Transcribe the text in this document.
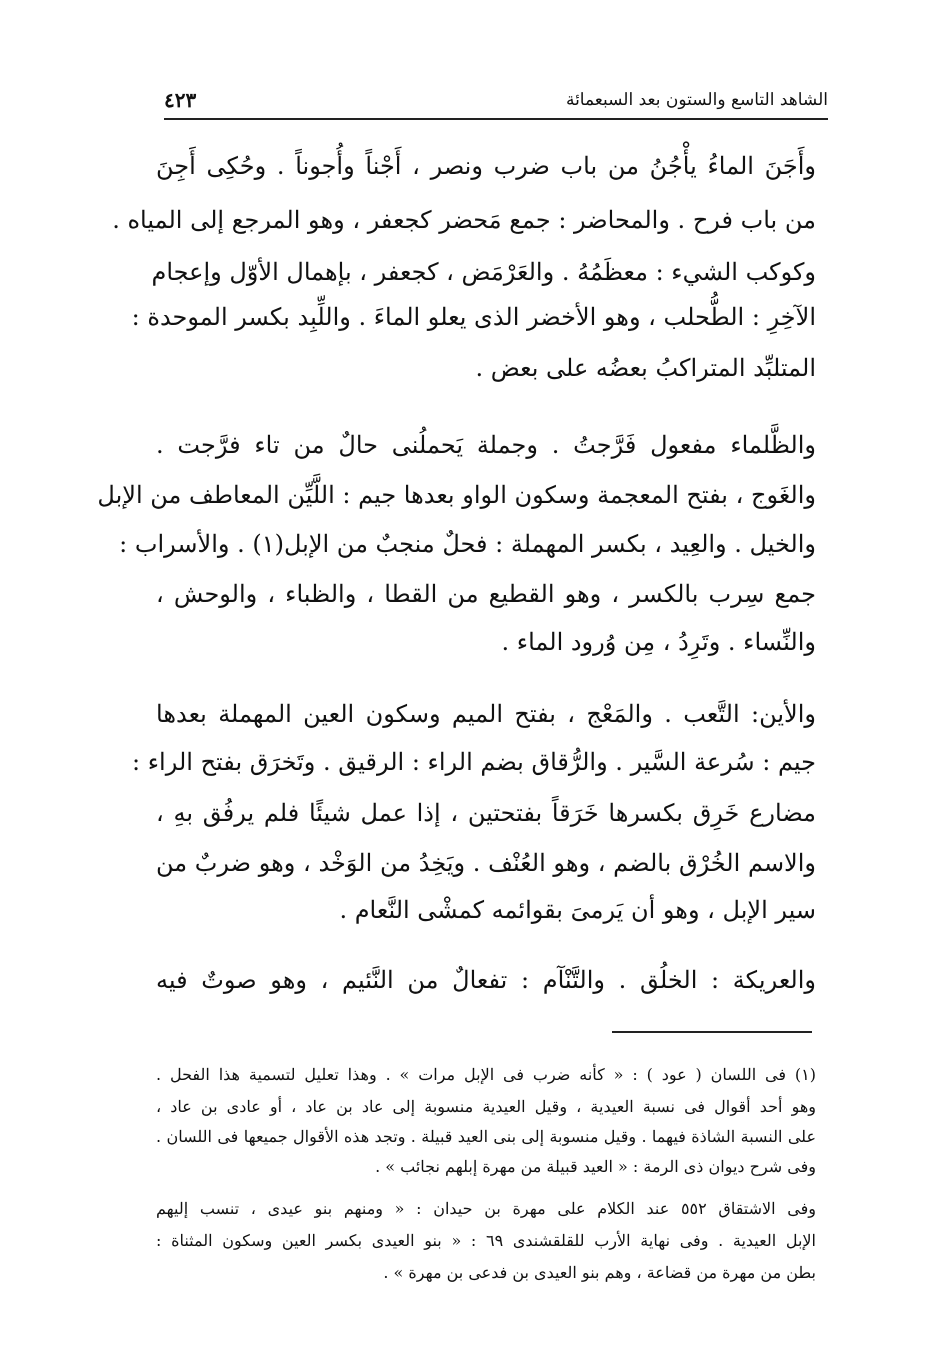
الشاهد التاسع والستون بعد السبعمائة
٤٢٣
وأَجَنَ الماءُ يأْجُنُ من باب ضرب ونصر ، أَجْناً وأُجوناً . وحُكِى أَجِنَ
من باب فرح . والمحاضر : جمع مَحضر كجعفر ، وهو المرجع إلى المياه .
وكوكب الشيء : معظَمُهُ . والعَرْمَض ، كجعفر ، بإهمال الأوّل وإعجام
الآخِرِ : الطُّحلب ، وهو الأخضر الذى يعلو الماءَ . واللِّبِد بكسر الموحدة :
المتلبِّد المتراكبُ بعضُه على بعض .
والظَّلماء مفعول فَرَّجتُ . وجملة يَحملُنى حالٌ من تاء فرَّجت .
والغَوج ، بفتح المعجمة وسكون الواو بعدها جيم : اللَّيِّن المعاطف من الإبل
والخيل . والعِيد ، بكسر المهملة : فحلٌ منجبٌ من الإبل(١) . والأسراب :
جمع سِرب بالكسر ، وهو القطيع من القطا ، والظباء ، والوحش ،
والنِّساء . وتَرِدُ ، مِن وُرود الماء .
والأين: التَّعب . والمَعْج ، بفتح الميم وسكون العين المهملة بعدها
جيم : سُرعة السَّير . والرُّقاق بضم الراء : الرقيق . وتَخرَق بفتح الراء :
مضارع خَرِق بكسرها خَرَقاً بفتحتين ، إذا عمل شيئًا فلم يرفُق بهِ ،
والاسم الخُرْق بالضم ، وهو العُنْف . ويَخِدُ من الوَخْد ، وهو ضربٌ من
سير الإبل ، وهو أن يَرمىَ بقوائمه كمشْى النَّعام .
والعريكة : الخلُق . والتَّنْآم : تفعالٌ من النَّئيم ، وهو صوتٌ فيه
(١) فى اللسان ( عود ) : « كأنه ضرب فى الإبل مرات » . وهذا تعليل لتسمية هذا الفحل .
وهو أحد أقوال فى نسبة العيدية ، وقيل العيدية منسوبة إلى عاد بن عاد ، أو عادى بن عاد ،
على النسبة الشاذة فيهما . وقيل منسوبة إلى بنى العيد قبيلة . وتجد هذه الأقوال جميعها فى اللسان .
وفى شرح ديوان ذى الرمة : « العيد قبيلة من مهرة إبلهم نجائب » .
وفى الاشتقاق ٥٥٢ عند الكلام على مهرة بن حيدان : « ومنهم بنو عيدى ، تنسب إليهم
الإبل العيدية . وفى نهاية الأرب للقلقشندى ٦٩ : « بنو العيدى بكسر العين وسكون المثناة :
بطن من مهرة من قضاعة ، وهم بنو العيدى بن فدعى بن مهرة » .
